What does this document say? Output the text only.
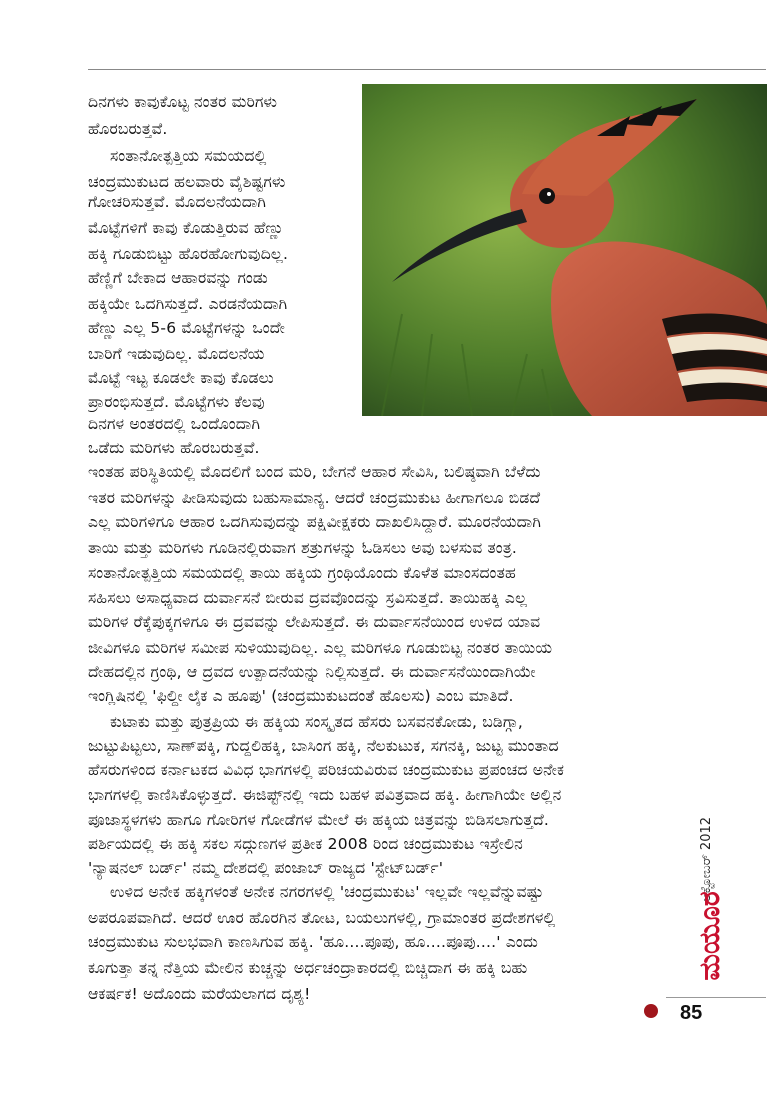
ದಿನಗಳು ಕಾವುಕೊಟ್ಟ ನಂತರ ಮರಿಗಳು

ಹೊರಬರುತ್ತವೆ.

ಸಂತಾನೋತ್ಪತ್ತಿಯ ಸಮಯದಲ್ಲಿ

ಚಂದ್ರಮುಕುಟದ ಹಲವಾರು ವೈಶಿಷ್ಟಗಳು

ಗೋಚರಿಸುತ್ತವೆ. ಮೊದಲನೆಯದಾಗಿ

ಮೊಟ್ಟೆಗಳಿಗೆ ಕಾವು ಕೊಡುತ್ತಿರುವ ಹೆಣ್ಣು

ಹಕ್ಕಿ ಗೂಡುಬಿಟ್ಟು ಹೊರಹೋಗುವುದಿಲ್ಲ.

ಹೆಣ್ಣಿಗೆ ಬೇಕಾದ ಆಹಾರವನ್ನು ಗಂಡು

ಹಕ್ಕಿಯೇ ಒದಗಿಸುತ್ತದೆ. ಎರಡನೆಯದಾಗಿ

ಹೆಣ್ಣು ಎಲ್ಲ 5-6 ಮೊಟ್ಟೆಗಳನ್ನು ಒಂದೇ

ಬಾರಿಗೆ ಇಡುವುದಿಲ್ಲ. ಮೊದಲನೆಯ

ಮೊಟ್ಟೆ ಇಟ್ಟ ಕೂಡಲೇ ಕಾವು ಕೊಡಲು

ಪ್ರಾರಂಭಿಸುತ್ತದೆ. ಮೊಟ್ಟೆಗಳು ಕೆಲವು

ದಿನಗಳ ಅಂತರದಲ್ಲಿ ಒಂದೊಂದಾಗಿ

ಒಡೆದು ಮರಿಗಳು ಹೊರಬರುತ್ತವೆ.

ಇಂತಹ ಪರಿಸ್ಥಿತಿಯಲ್ಲಿ ಮೊದಲಿಗೆ ಬಂದ ಮರಿ, ಬೇಗನೆ ಆಹಾರ ಸೇವಿಸಿ, ಬಲಿಷ್ಠವಾಗಿ ಬೆಳೆದು

ಇತರ ಮರಿಗಳನ್ನು ಪೀಡಿಸುವುದು ಬಹುಸಾಮಾನ್ಯ. ಆದರೆ ಚಂದ್ರಮುಕುಟ ಹೀಗಾಗಲೂ ಬಿಡದೆ

ಎಲ್ಲ ಮರಿಗಳಿಗೂ ಆಹಾರ ಒದಗಿಸುವುದನ್ನು ಪಕ್ಷಿವೀಕ್ಷಕರು ದಾಖಲಿಸಿದ್ದಾರೆ. ಮೂರನೆಯದಾಗಿ

ತಾಯಿ ಮತ್ತು ಮರಿಗಳು ಗೂಡಿನಲ್ಲಿರುವಾಗ ಶತ್ರುಗಳನ್ನು ಓಡಿಸಲು ಅವು ಬಳಸುವ ತಂತ್ರ.

ಸಂತಾನೋತ್ಪತ್ತಿಯ ಸಮಯದಲ್ಲಿ ತಾಯಿ ಹಕ್ಕಿಯ ಗ್ರಂಥಿಯೊಂದು ಕೊಳೆತ ಮಾಂಸದಂತಹ

ಸಹಿಸಲು ಅಸಾಧ್ಯವಾದ ದುರ್ವಾಸನೆ ಬೀರುವ ದ್ರವವೊಂದನ್ನು ಸ್ರವಿಸುತ್ತದೆ. ತಾಯಿಹಕ್ಕಿ ಎಲ್ಲ

ಮರಿಗಳ ರೆಕ್ಕೆಪುಕ್ಕಗಳಿಗೂ ಈ ದ್ರವವನ್ನು ಲೇಪಿಸುತ್ತದೆ. ಈ ದುರ್ವಾಸನೆಯಿಂದ ಉಳಿದ ಯಾವ

ಜೀವಿಗಳೂ ಮರಿಗಳ ಸಮೀಪ ಸುಳಿಯುವುದಿಲ್ಲ. ಎಲ್ಲ ಮರಿಗಳೂ ಗೂಡುಬಿಟ್ಟ ನಂತರ ತಾಯಿಯ

ದೇಹದಲ್ಲಿನ ಗ್ರಂಥಿ, ಆ ದ್ರವದ ಉತ್ಪಾದನೆಯನ್ನು ನಿಲ್ಲಿಸುತ್ತದೆ. ಈ ದುರ್ವಾಸನೆಯಿಂದಾಗಿಯೇ

ಇಂಗ್ಲಿಷಿನಲ್ಲಿ 'ಫಿಲ್ದೀ ಲೈಕ ಎ ಹೂಪು' (ಚಂದ್ರಮುಕುಟದಂತೆ ಹೊಲಸು) ಎಂಬ ಮಾತಿದೆ.

ಕುಟಾಕು ಮತ್ತು ಪುತ್ರಪ್ರಿಯ ಈ ಹಕ್ಕಿಯ ಸಂಸ್ಕೃತದ ಹೆಸರು ಬಸವನಕೋಡು, ಬಡಿಗ್ಗಾ,

ಜುಟ್ಟುಪಿಟ್ಟಲು, ಸಾಣ್‌ಪಕ್ಕಿ, ಗುದ್ದಲಿಹಕ್ಕಿ, ಬಾಸಿಂಗ ಹಕ್ಕಿ, ನೆಲಕುಟುಕ, ಸಗನಕ್ಕಿ, ಜುಟ್ಟ ಮುಂತಾದ

ಹೆಸರುಗಳಿಂದ ಕರ್ನಾಟಕದ ವಿವಿಧ ಭಾಗಗಳಲ್ಲಿ ಪರಿಚಯವಿರುವ ಚಂದ್ರಮುಕುಟ ಪ್ರಪಂಚದ ಅನೇಕ

ಭಾಗಗಳಲ್ಲಿ ಕಾಣಿಸಿಕೊಳ್ಳುತ್ತದೆ. ಈಜಿಪ್ಟ್‌ನಲ್ಲಿ ಇದು ಬಹಳ ಪವಿತ್ರವಾದ ಹಕ್ಕಿ. ಹೀಗಾಗಿಯೇ ಅಲ್ಲಿನ

ಪೂಜಾಸ್ಥಳಗಳು ಹಾಗೂ ಗೋರಿಗಳ ಗೋಡೆಗಳ ಮೇಲೆ ಈ ಹಕ್ಕಿಯ ಚಿತ್ರವನ್ನು ಬಿಡಿಸಲಾಗುತ್ತದೆ.

ಪರ್ಶಿಯದಲ್ಲಿ ಈ ಹಕ್ಕಿ ಸಕಲ ಸದ್ಗುಣಗಳ ಪ್ರತೀಕ 2008 ರಿಂದ ಚಂದ್ರಮುಕುಟ ಇಸ್ರೇಲಿನ

'ನ್ಯಾಷನಲ್ ಬರ್ಡ್' ನಮ್ಮ ದೇಶದಲ್ಲಿ ಪಂಜಾಬ್ ರಾಜ್ಯದ 'ಸ್ಟೇಟ್‌ಬರ್ಡ್'

ಉಳಿದ ಅನೇಕ ಹಕ್ಕಿಗಳಂತೆ ಅನೇಕ ನಗರಗಳಲ್ಲಿ 'ಚಂದ್ರಮುಕುಟ' ಇಲ್ಲವೇ ಇಲ್ಲವೆನ್ನುವಷ್ಟು

ಅಪರೂಪವಾಗಿದೆ. ಆದರೆ ಊರ ಹೊರಗಿನ ತೋಟ, ಬಯಲುಗಳಲ್ಲಿ, ಗ್ರಾಮಾಂತರ ಪ್ರದೇಶಗಳಲ್ಲಿ

ಚಂದ್ರಮುಕುಟ ಸುಲಭವಾಗಿ ಕಾಣಸಿಗುವ ಹಕ್ಕಿ. 'ಹೂ....ಪೂಪು, ಹೂ....ಪೂಪು....' ಎಂದು

ಕೂಗುತ್ತಾ ತನ್ನ ನೆತ್ತಿಯ ಮೇಲಿನ ಕುಚ್ಚನ್ನು ಅರ್ಧಚಂದ್ರಾಕಾರದಲ್ಲಿ ಬಿಚ್ಚಿದಾಗ ಈ ಹಕ್ಕಿ ಬಹು

ಆಕರ್ಷಕ! ಅದೊಂದು ಮರೆಯಲಾಗದ ದೃಶ್ಯ!

ಅಕ್ಟೋಬರ್ 2012
ಮಯೂರ
85
